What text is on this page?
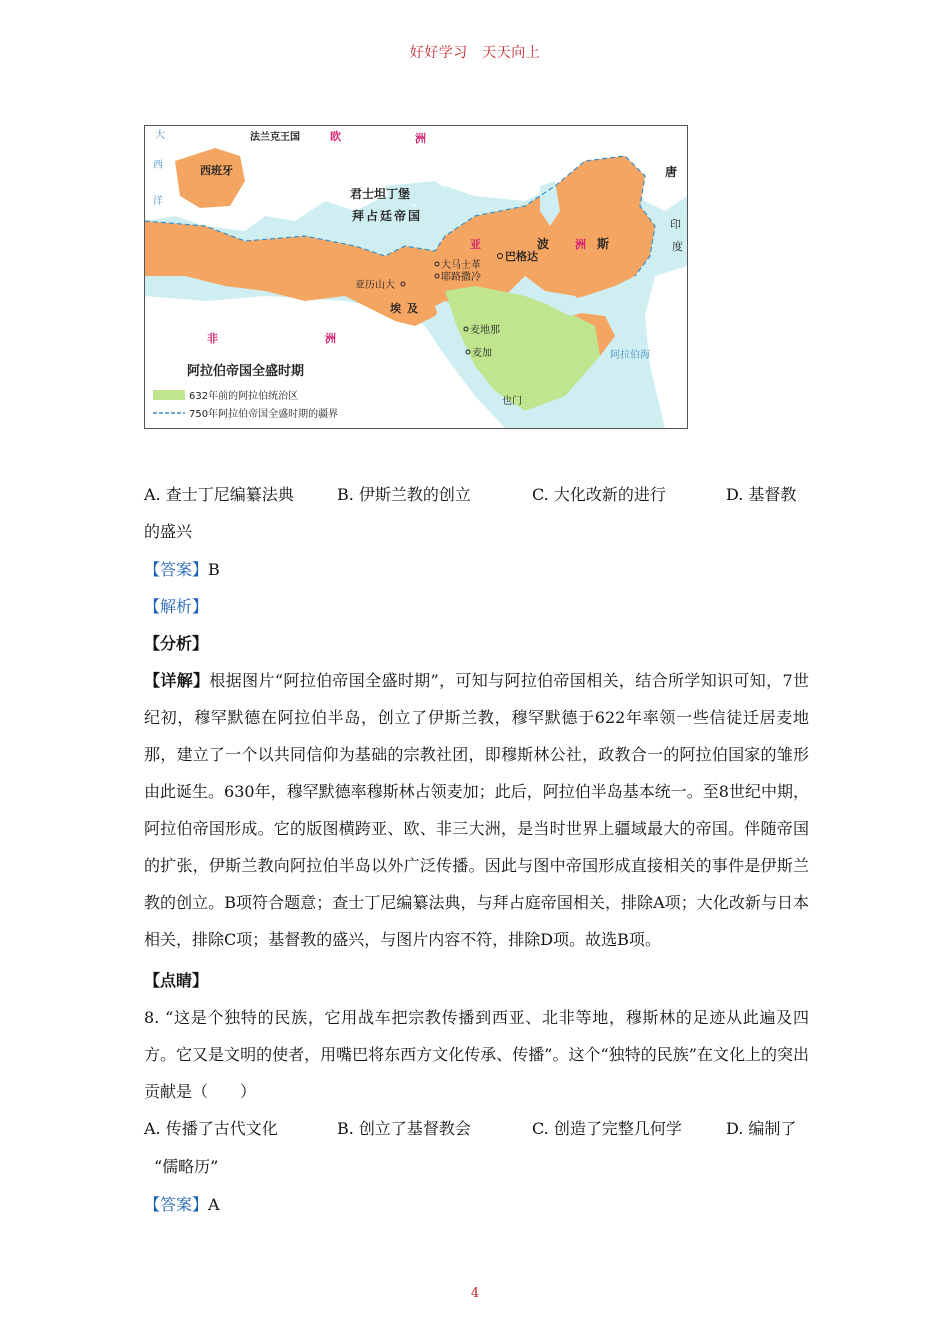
好好学习　天天向上
大
西
洋
法兰克王国	欧	洲
唐
印
度
西班牙
君士坦丁堡
拜占廷帝国
亚	洲
波	斯
巴格达
大马士革
耶路撒冷
亚历山大
埃及
麦地那
麦加
也门
非	洲
阿拉伯海
阿拉伯帝国全盛时期
632年前的阿拉伯统治区
750年阿拉伯帝国全盛时期的疆界
A. 查士丁尼编纂法典	B. 伊斯兰教的创立	C. 大化改新的进行	D. 基督教
的盛兴
【答案】B
【解析】
【分析】
【详解】根据图片“阿拉伯帝国全盛时期”，可知与阿拉伯帝国相关，结合所学知识可知，7世纪初，穆罕默德在阿拉伯半岛，创立了伊斯兰教，穆罕默德于622年率领一些信徒迁居麦地那，建立了一个以共同信仰为基础的宗教社团，即穆斯林公社，政教合一的阿拉伯国家的雏形由此诞生。630年，穆罕默德率穆斯林占领麦加；此后，阿拉伯半岛基本统一。至8世纪中期，阿拉伯帝国形成。它的版图横跨亚、欧、非三大洲，是当时世界上疆域最大的帝国。伴随帝国的扩张，伊斯兰教向阿拉伯半岛以外广泛传播。因此与图中帝国形成直接相关的事件是伊斯兰教的创立。B项符合题意；查士丁尼编纂法典，与拜占庭帝国相关，排除A项；大化改新与日本相关，排除C项；基督教的盛兴，与图片内容不符，排除D项。故选B项。
【点睛】
8. “这是个独特的民族，它用战车把宗教传播到西亚、北非等地，穆斯林的足迹从此遍及四方。它又是文明的使者，用嘴巴将东西方文化传承、传播”。这个“独特的民族”在文化上的突出贡献是（　　）
A. 传播了古代文化	B. 创立了基督教会	C. 创造了完整几何学	D. 编制了
“儒略历”
【答案】A
4
